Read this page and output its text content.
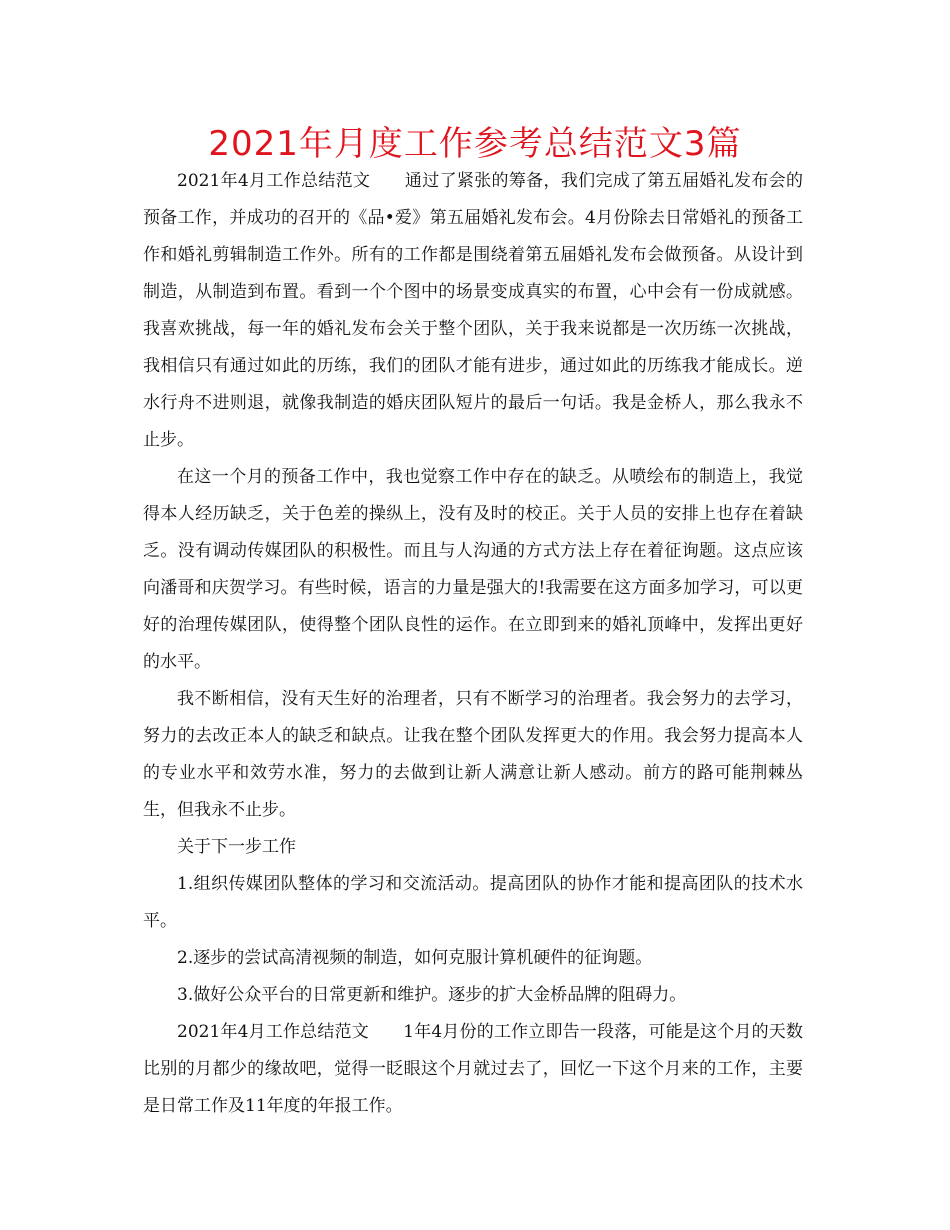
2021年月度工作参考总结范文3篇

2021年4月工作总结范文　　通过了紧张的筹备，我们完成了第五届婚礼发布会的预备工作，并成功的召开的《品•爱》第五届婚礼发布会。4月份除去日常婚礼的预备工作和婚礼剪辑制造工作外。所有的工作都是围绕着第五届婚礼发布会做预备。从设计到制造，从制造到布置。看到一个个图中的场景变成真实的布置，心中会有一份成就感。我喜欢挑战，每一年的婚礼发布会关于整个团队，关于我来说都是一次历练一次挑战，我相信只有通过如此的历练，我们的团队才能有进步，通过如此的历练我才能成长。逆水行舟不进则退，就像我制造的婚庆团队短片的最后一句话。我是金桥人，那么我永不止步。

在这一个月的预备工作中，我也觉察工作中存在的缺乏。从喷绘布的制造上，我觉得本人经历缺乏，关于色差的操纵上，没有及时的校正。关于人员的安排上也存在着缺乏。没有调动传媒团队的积极性。而且与人沟通的方式方法上存在着征询题。这点应该向潘哥和庆贺学习。有些时候，语言的力量是强大的!我需要在这方面多加学习，可以更好的治理传媒团队，使得整个团队良性的运作。在立即到来的婚礼顶峰中，发挥出更好的水平。

我不断相信，没有天生好的治理者，只有不断学习的治理者。我会努力的去学习，努力的去改正本人的缺乏和缺点。让我在整个团队发挥更大的作用。我会努力提高本人的专业水平和效劳水准，努力的去做到让新人满意让新人感动。前方的路可能荆棘丛生，但我永不止步。

关于下一步工作

1.组织传媒团队整体的学习和交流活动。提高团队的协作才能和提高团队的技术水平。

2.逐步的尝试高清视频的制造，如何克服计算机硬件的征询题。

3.做好公众平台的日常更新和维护。逐步的扩大金桥品牌的阻碍力。

2021年4月工作总结范文　　1年4月份的工作立即告一段落，可能是这个月的天数比别的月都少的缘故吧，觉得一眨眼这个月就过去了，回忆一下这个月来的工作，主要是日常工作及11年度的年报工作。
